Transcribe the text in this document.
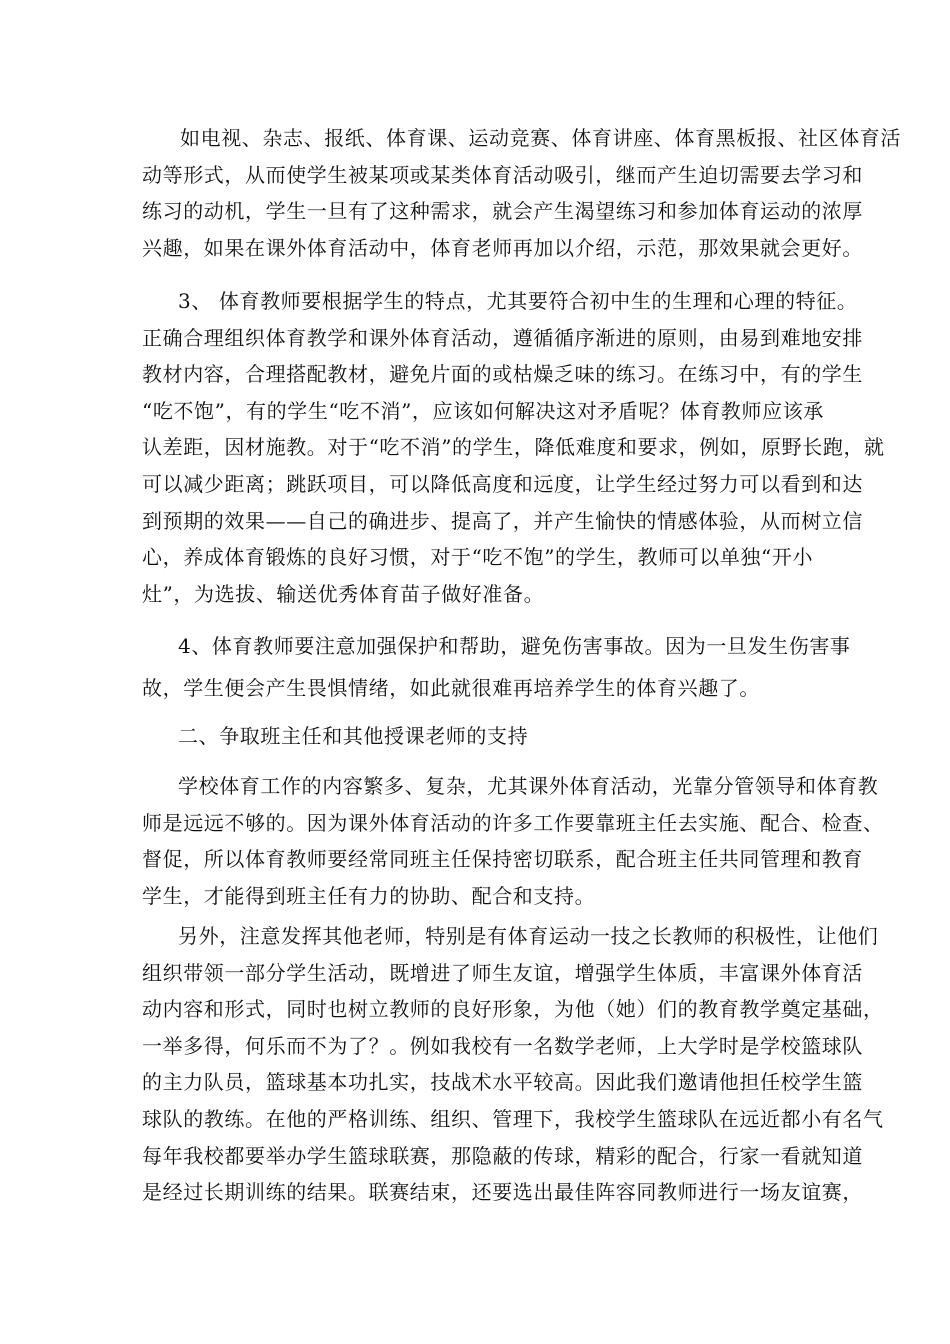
如电视、杂志、报纸、体育课、运动竞赛、体育讲座、体育黑板报、社区体育活
动等形式，从而使学生被某项或某类体育活动吸引，继而产生迫切需要去学习和
练习的动机，学生一旦有了这种需求，就会产生渴望练习和参加体育运动的浓厚
兴趣，如果在课外体育活动中，体育老师再加以介绍，示范，那效果就会更好。

3、 体育教师要根据学生的特点，尤其要符合初中生的生理和心理的特征。
正确合理组织体育教学和课外体育活动，遵循循序渐进的原则，由易到难地安排
教材内容，合理搭配教材，避免片面的或枯燥乏味的练习。在练习中，有的学生
“吃不饱”，有的学生“吃不消”，应该如何解决这对矛盾呢？体育教师应该承
认差距，因材施教。对于“吃不消”的学生，降低难度和要求，例如，原野长跑，就
可以减少距离；跳跃项目，可以降低高度和远度，让学生经过努力可以看到和达
到预期的效果——自己的确进步、提高了，并产生愉快的情感体验，从而树立信
心，养成体育锻炼的良好习惯，对于“吃不饱”的学生，教师可以单独“开小
灶”，为选拔、输送优秀体育苗子做好准备。

4、体育教师要注意加强保护和帮助，避免伤害事故。因为一旦发生伤害事
故，学生便会产生畏惧情绪，如此就很难再培养学生的体育兴趣了。

二、争取班主任和其他授课老师的支持

学校体育工作的内容繁多、复杂，尤其课外体育活动，光靠分管领导和体育教
师是远远不够的。因为课外体育活动的许多工作要靠班主任去实施、配合、检查、
督促，所以体育教师要经常同班主任保持密切联系，配合班主任共同管理和教育
学生，才能得到班主任有力的协助、配合和支持。

另外，注意发挥其他老师，特别是有体育运动一技之长教师的积极性，让他们
组织带领一部分学生活动，既增进了师生友谊，增强学生体质，丰富课外体育活
动内容和形式，同时也树立教师的良好形象，为他（她）们的教育教学奠定基础，
一举多得，何乐而不为了？。例如我校有一名数学老师，上大学时是学校篮球队
的主力队员，篮球基本功扎实，技战术水平较高。因此我们邀请他担任校学生篮
球队的教练。在他的严格训练、组织、管理下，我校学生篮球队在远近都小有名气
每年我校都要举办学生篮球联赛，那隐蔽的传球，精彩的配合，行家一看就知道
是经过长期训练的结果。联赛结束，还要选出最佳阵容同教师进行一场友谊赛，
